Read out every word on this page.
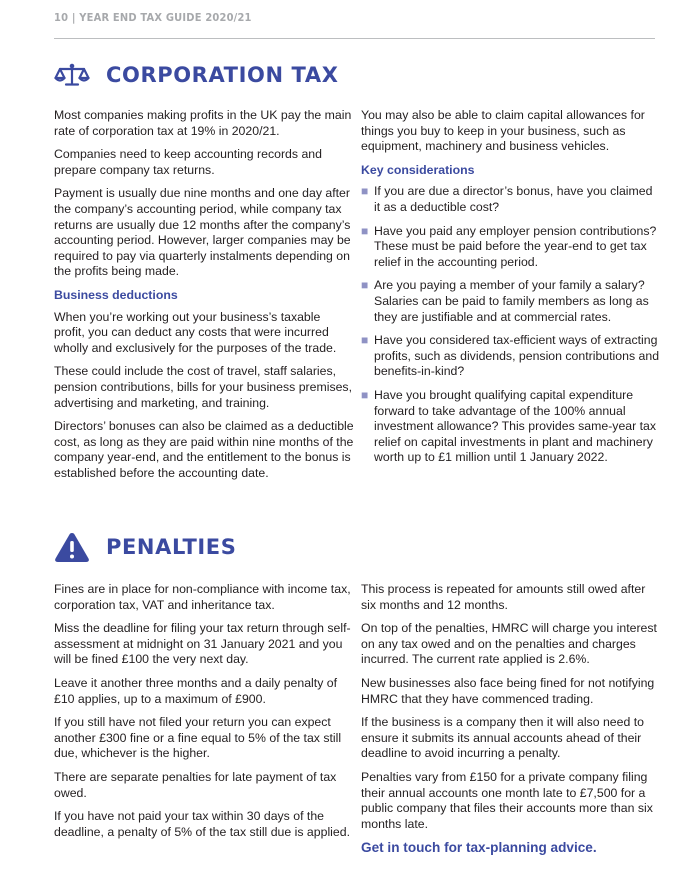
10 | YEAR END TAX GUIDE 2020/21
CORPORATION TAX

Most companies making profits in the UK pay the main rate of corporation tax at 19% in 2020/21.

Companies need to keep accounting records and prepare company tax returns.

Payment is usually due nine months and one day after the company’s accounting period, while company tax returns are usually due 12 months after the company’s accounting period. However, larger companies may be required to pay via quarterly instalments depending on the profits being made.

Business deductions

When you’re working out your business’s taxable profit, you can deduct any costs that were incurred wholly and exclusively for the purposes of the trade.

These could include the cost of travel, staff salaries, pension contributions, bills for your business premises, advertising and marketing, and training.

Directors’ bonuses can also be claimed as a deductible cost, as long as they are paid within nine months of the company year-end, and the entitlement to the bonus is established before the accounting date.

You may also be able to claim capital allowances for things you buy to keep in your business, such as equipment, machinery and business vehicles.

Key considerations
■ If you are due a director’s bonus, have you claimed it as a deductible cost?
■ Have you paid any employer pension contributions? These must be paid before the year-end to get tax relief in the accounting period.
■ Are you paying a member of your family a salary? Salaries can be paid to family members as long as they are justifiable and at commercial rates.
■ Have you considered tax-efficient ways of extracting profits, such as dividends, pension contributions and benefits-in-kind?
■ Have you brought qualifying capital expenditure forward to take advantage of the 100% annual investment allowance? This provides same-year tax relief on capital investments in plant and machinery worth up to £1 million until 1 January 2022.
PENALTIES

Fines are in place for non-compliance with income tax, corporation tax, VAT and inheritance tax.

Miss the deadline for filing your tax return through self-assessment at midnight on 31 January 2021 and you will be fined £100 the very next day.

Leave it another three months and a daily penalty of £10 applies, up to a maximum of £900.

If you still have not filed your return you can expect another £300 fine or a fine equal to 5% of the tax still due, whichever is the higher.

There are separate penalties for late payment of tax owed.

If you have not paid your tax within 30 days of the deadline, a penalty of 5% of the tax still due is applied.

This process is repeated for amounts still owed after six months and 12 months.

On top of the penalties, HMRC will charge you interest on any tax owed and on the penalties and charges incurred. The current rate applied is 2.6%.

New businesses also face being fined for not notifying HMRC that they have commenced trading.

If the business is a company then it will also need to ensure it submits its annual accounts ahead of their deadline to avoid incurring a penalty.

Penalties vary from £150 for a private company filing their annual accounts one month late to £7,500 for a public company that files their accounts more than six months late.

Get in touch for tax-planning advice.
